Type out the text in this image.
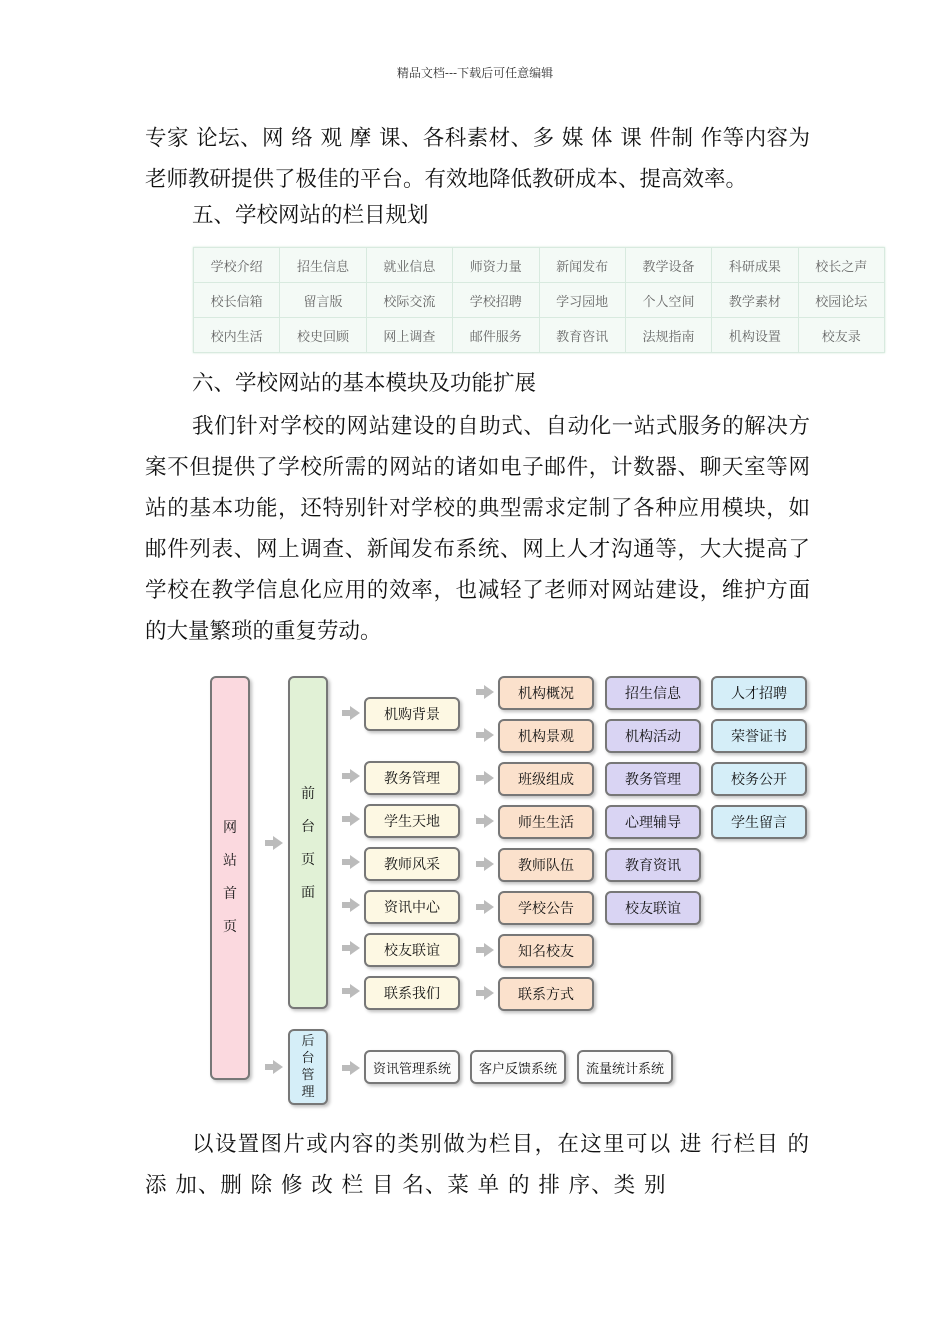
精品文档---下载后可任意编辑
专家 论坛、网 络 观 摩 课、各科素材、多 媒 体 课 件制 作等内容为老师教研提供了极佳的平台。有效地降低教研成本、提高效率。
五、学校网站的栏目规划
学校介绍	招生信息	就业信息	师资力量	新闻发布	教学设备	科研成果	校长之声
校长信箱	留言版	校际交流	学校招聘	学习园地	个人空间	教学素材	校园论坛
校内生活	校史回顾	网上调查	邮件服务	教育咨讯	法规指南	机构设置	校友录
六、学校网站的基本模块及功能扩展
我们针对学校的网站建设的自助式、自动化一站式服务的解决方案不但提供了学校所需的网站的诸如电子邮件，计数器、聊天室等网站的基本功能，还特别针对学校的典型需求定制了各种应用模块，如邮件列表、网上调查、新闻发布系统、网上人才沟通等，大大提高了学校在教学信息化应用的效率，也减轻了老师对网站建设，维护方面的大量繁琐的重复劳动。
网
站
首
页
前
台
页
面
后
台
管
理
机购背景
教务管理
学生天地
教师风采
资讯中心
校友联谊
联系我们
机构概况
机构景观
班级组成
师生生活
教师队伍
学校公告
知名校友
联系方式
招生信息
机构活动
教务管理
心理辅导
教育资讯
校友联谊
人才招聘
荣誉证书
校务公开
学生留言
资讯管理系统	客户反馈系统	流量统计系统
以设置图片或内容的类别做为栏目，在这里可以 进 行栏目 的 添 加、删 除 修 改 栏 目 名、菜 单 的 排 序、类 别
